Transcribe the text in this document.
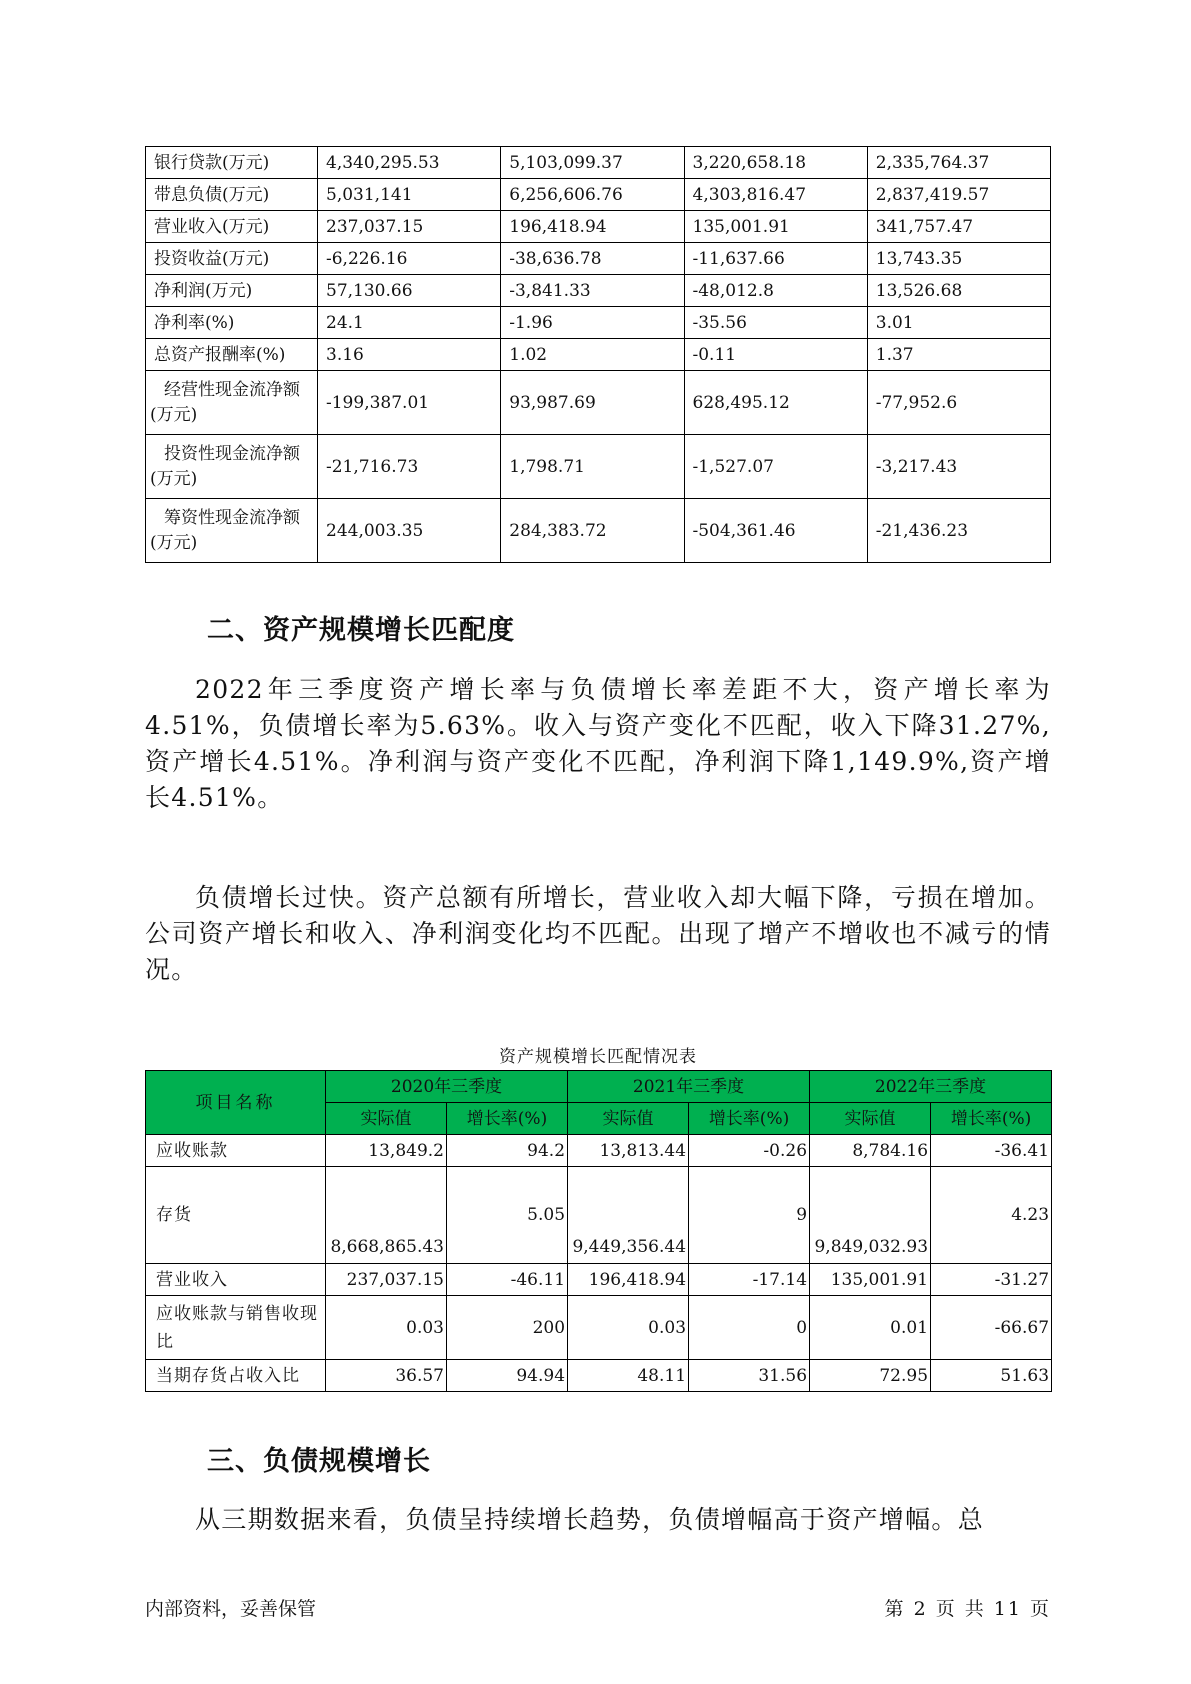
银行贷款(万元)	4,340,295.53	5,103,099.37	3,220,658.18	2,335,764.37
带息负债(万元)	5,031,141	6,256,606.76	4,303,816.47	2,837,419.57
营业收入(万元)	237,037.15	196,418.94	135,001.91	341,757.47
投资收益(万元)	-6,226.16	-38,636.78	-11,637.66	13,743.35
净利润(万元)	57,130.66	-3,841.33	-48,012.8	13,526.68
净利率(%)	24.1	-1.96	-35.56	3.01
总资产报酬率(%)	3.16	1.02	-0.11	1.37
经营性现金流净额(万元)	-199,387.01	93,987.69	628,495.12	-77,952.6
投资性现金流净额(万元)	-21,716.73	1,798.71	-1,527.07	-3,217.43
筹资性现金流净额(万元)	244,003.35	284,383.72	-504,361.46	-21,436.23
二、资产规模增长匹配度

2022年三季度资产增长率与负债增长率差距不大，资产增长率为4.51%，负债增长率为5.63%。收入与资产变化不匹配，收入下降31.27%,资产增长4.51%。净利润与资产变化不匹配，净利润下降1,149.9%,资产增长4.51%。

负债增长过快。资产总额有所增长，营业收入却大幅下降，亏损在增加。公司资产增长和收入、净利润变化均不匹配。出现了增产不增收也不减亏的情况。

资产规模增长匹配情况表
项目名称	2020年三季度		2021年三季度		2022年三季度	
	实际值	增长率(%)	实际值	增长率(%)	实际值	增长率(%)
应收账款	13,849.2	94.2	13,813.44	-0.26	8,784.16	-36.41
存货	8,668,865.43	5.05	9,449,356.44	9	9,849,032.93	4.23
营业收入	237,037.15	-46.11	196,418.94	-17.14	135,001.91	-31.27
应收账款与销售收现比	0.03	200	0.03	0	0.01	-66.67
当期存货占收入比	36.57	94.94	48.11	31.56	72.95	51.63
三、负债规模增长

从三期数据来看，负债呈持续增长趋势，负债增幅高于资产增幅。总

内部资料，妥善保管	第 2 页 共 11 页
